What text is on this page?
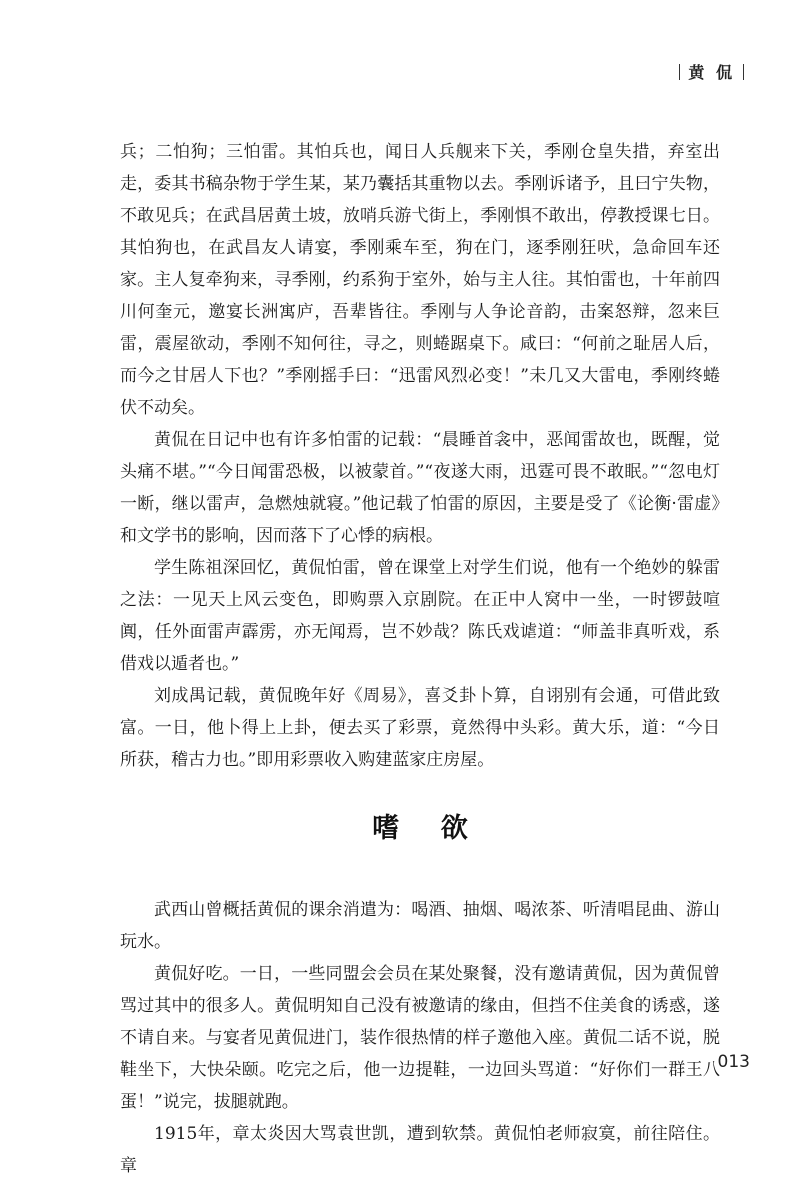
黄 侃

兵；二怕狗；三怕雷。其怕兵也，闻日人兵舰来下关，季刚仓皇失措，弃室出走，委其书稿杂物于学生某，某乃囊括其重物以去。季刚诉诸予，且曰宁失物，不敢见兵；在武昌居黄土坡，放哨兵游弋街上，季刚惧不敢出，停教授课七日。其怕狗也，在武昌友人请宴，季刚乘车至，狗在门，逐季刚狂吠，急命回车还家。主人复牵狗来，寻季刚，约系狗于室外，始与主人往。其怕雷也，十年前四川何奎元，邀宴长洲寓庐，吾辈皆往。季刚与人争论音韵，击案怒辩，忽来巨雷，震屋欲动，季刚不知何往，寻之，则蜷踞桌下。咸曰：“何前之耻居人后，而今之甘居人下也？”季刚摇手曰：“迅雷风烈必变！”未几又大雷电，季刚终蜷伏不动矣。

黄侃在日记中也有许多怕雷的记载：“晨睡首衾中，恶闻雷故也，既醒，觉头痛不堪。”“今日闻雷恐极，以被蒙首。”“夜遂大雨，迅霆可畏不敢眠。”“忽电灯一断，继以雷声，急燃烛就寝。”他记载了怕雷的原因，主要是受了《论衡·雷虚》和文学书的影响，因而落下了心悸的病根。

学生陈祖深回忆，黄侃怕雷，曾在课堂上对学生们说，他有一个绝妙的躲雷之法：一见天上风云变色，即购票入京剧院。在正中人窝中一坐，一时锣鼓喧阗，任外面雷声霹雳，亦无闻焉，岂不妙哉？陈氏戏谑道：“师盖非真听戏，系借戏以遁者也。”

刘成禺记载，黄侃晚年好《周易》，喜爻卦卜算，自诩别有会通，可借此致富。一日，他卜得上上卦，便去买了彩票，竟然得中头彩。黄大乐，道：“今日所获，稽古力也。”即用彩票收入购建蓝家庄房屋。

嗜 欲

武西山曾概括黄侃的课余消遣为：喝酒、抽烟、喝浓茶、听清唱昆曲、游山玩水。

黄侃好吃。一日，一些同盟会会员在某处聚餐，没有邀请黄侃，因为黄侃曾骂过其中的很多人。黄侃明知自己没有被邀请的缘由，但挡不住美食的诱惑，遂不请自来。与宴者见黄侃进门，装作很热情的样子邀他入座。黄侃二话不说，脱鞋坐下，大快朵颐。吃完之后，他一边提鞋，一边回头骂道：“好你们一群王八蛋！”说完，拔腿就跑。

1915年，章太炎因大骂袁世凯，遭到软禁。黄侃怕老师寂寞，前往陪住。章

013
